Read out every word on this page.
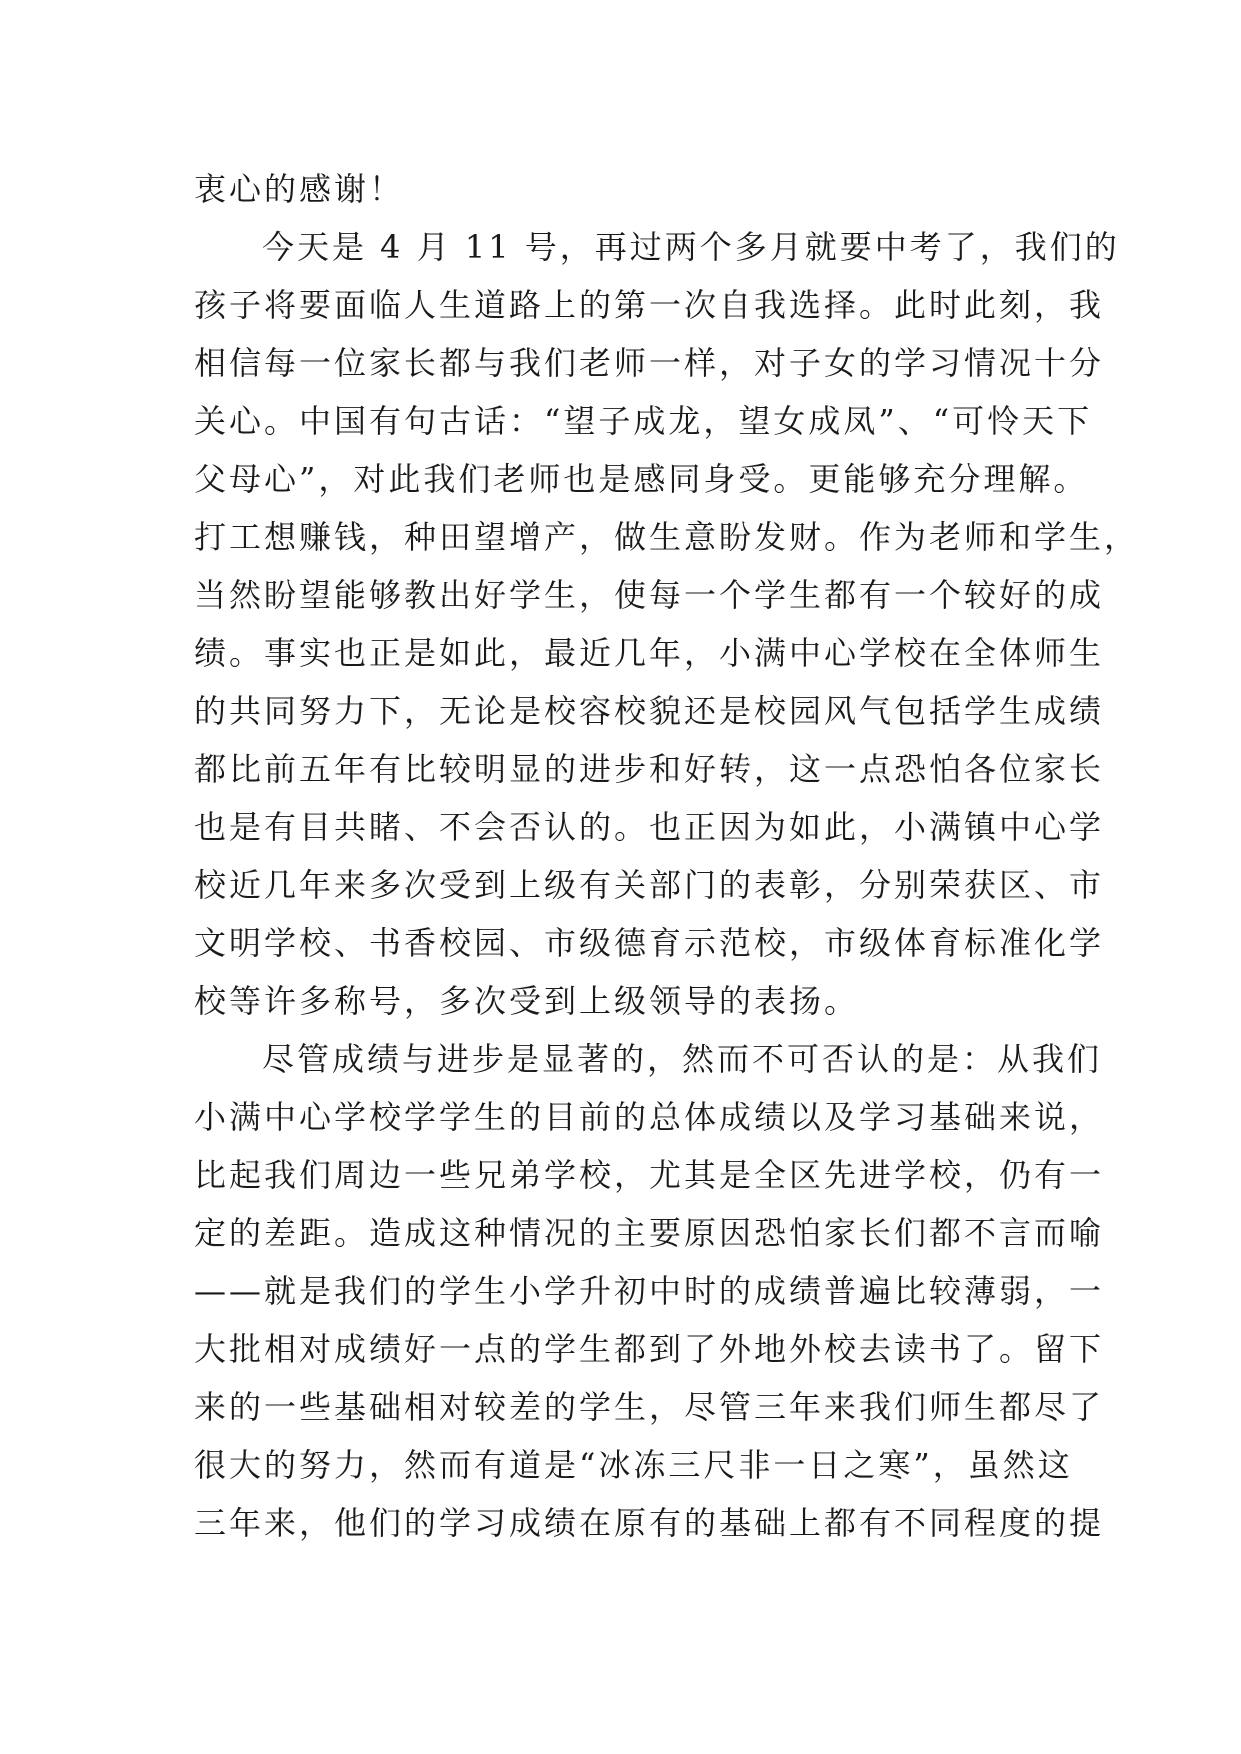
衷心的感谢！
今天是 4 月 11 号，再过两个多月就要中考了，我们的
孩子将要面临人生道路上的第一次自我选择。此时此刻，我
相信每一位家长都与我们老师一样，对子女的学习情况十分
关心。中国有句古话：“望子成龙，望女成凤”、“可怜天下
父母心”，对此我们老师也是感同身受。更能够充分理解。
打工想赚钱，种田望增产，做生意盼发财。作为老师和学生，
当然盼望能够教出好学生，使每一个学生都有一个较好的成
绩。事实也正是如此，最近几年，小满中心学校在全体师生
的共同努力下，无论是校容校貌还是校园风气包括学生成绩
都比前五年有比较明显的进步和好转，这一点恐怕各位家长
也是有目共睹、不会否认的。也正因为如此，小满镇中心学
校近几年来多次受到上级有关部门的表彰，分别荣获区、市
文明学校、书香校园、市级德育示范校，市级体育标准化学
校等许多称号，多次受到上级领导的表扬。
尽管成绩与进步是显著的，然而不可否认的是：从我们
小满中心学校学学生的目前的总体成绩以及学习基础来说，
比起我们周边一些兄弟学校，尤其是全区先进学校，仍有一
定的差距。造成这种情况的主要原因恐怕家长们都不言而喻
——就是我们的学生小学升初中时的成绩普遍比较薄弱，一
大批相对成绩好一点的学生都到了外地外校去读书了。留下
来的一些基础相对较差的学生，尽管三年来我们师生都尽了
很大的努力，然而有道是“冰冻三尺非一日之寒”，虽然这
三年来，他们的学习成绩在原有的基础上都有不同程度的提
